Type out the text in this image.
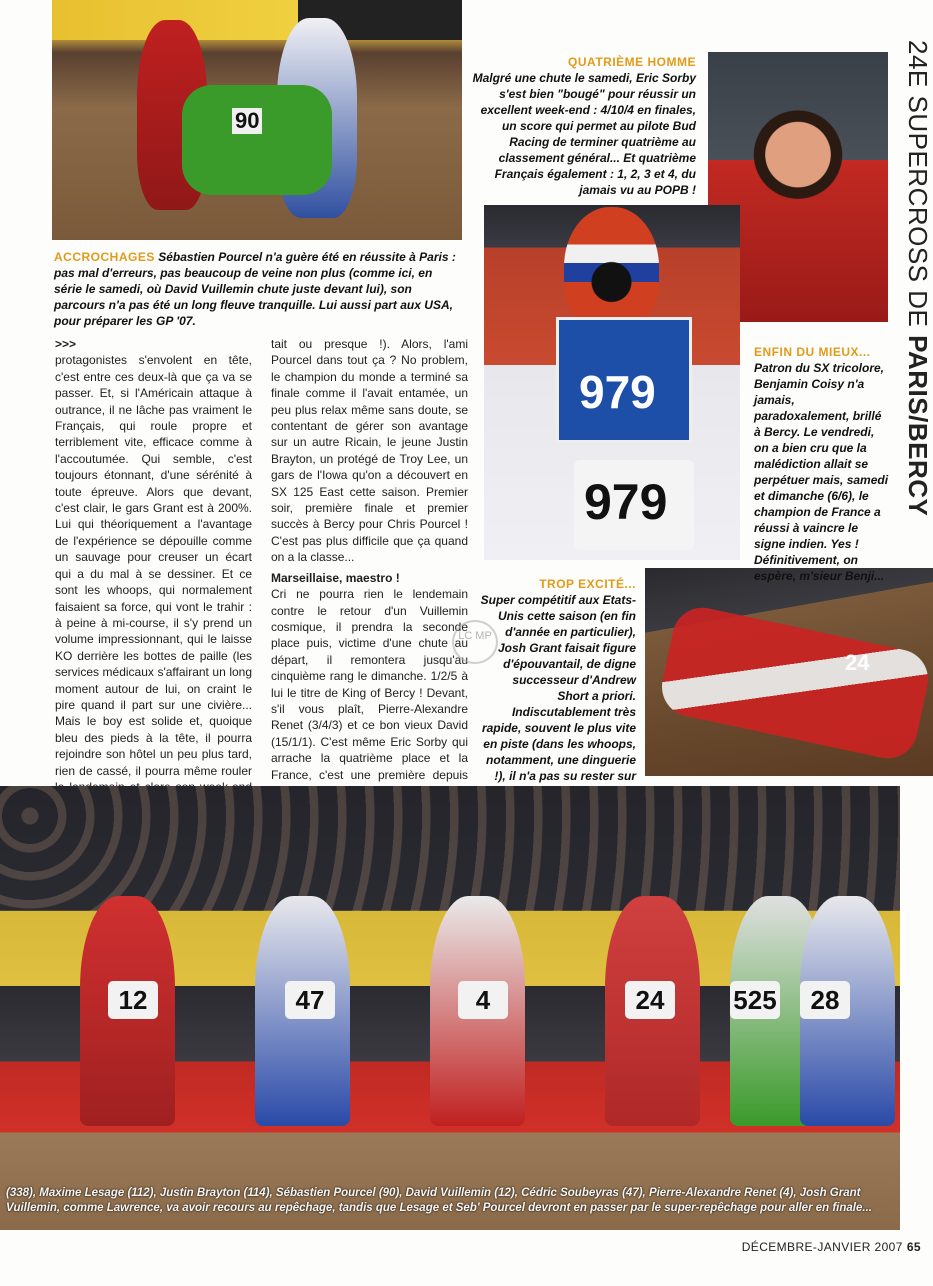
90	24E SUPERCROSS DE PARIS/BERCY
979
979
24
ACCROCHAGES Sébastien Pourcel n'a guère été en réussite à Paris : pas mal d'erreurs, pas beaucoup de veine non plus (comme ici, en série le samedi, où David Vuillemin chute juste devant lui), son parcours n'a pas été un long fleuve tranquille. Lui aussi part aux USA, pour préparer les GP '07.
QUATRIÈME HOMME
Malgré une chute le samedi, Eric Sorby s'est bien "bougé" pour réussir un excellent week-end : 4/10/4 en finales, un score qui permet au pilote Bud Racing de terminer quatrième au classement général... Et quatrième Français également : 1, 2, 3 et 4, du jamais vu au POPB !
ENFIN DU MIEUX...
Patron du SX tricolore, Benjamin Coisy n'a jamais, paradoxalement, brillé à Bercy. Le vendredi, on a bien cru que la malédiction allait se perpétuer mais, samedi et dimanche (6/6), le champion de France a réussi à vaincre le signe indien. Yes ! Définitivement, on espère, m'sieur Benji...
TROP EXCITÉ...
Super compétitif aux Etats-Unis cette saison (en fin d'année en particulier), Josh Grant faisait figure d'épouvantail, de digne successeur d'Andrew Short a priori. Indiscutablement très rapide, souvent le plus vite en piste (dans les whoops, notamment, une dinguerie !), il n'a pas su rester sur

>>>

protagonistes s'envolent en tête, c'est entre ces deux-là que ça va se passer. Et, si l'Américain attaque à outrance, il ne lâche pas vraiment le Français, qui roule propre et terriblement vite, efficace comme à l'accoutumée. Qui semble, c'est toujours étonnant, d'une sérénité à toute épreuve. Alors que devant, c'est clair, le gars Grant est à 200%. Lui qui théoriquement a l'avantage de l'expérience se dépouille comme un sauvage pour creuser un écart qui a du mal à se dessiner. Et ce sont les whoops, qui normalement faisaient sa force, qui vont le trahir : à peine à mi-course, il s'y prend un volume impressionnant, qui le laisse KO derrière les bottes de paille (les services médicaux s'affairant un long moment autour de lui, on craint le pire quand il part sur une civière... Mais le boy est solide et, quoique bleu des pieds à la tête, il pourra rejoindre son hôtel un peu plus tard, rien de cassé, il pourra même rouler

tait ou presque !). Alors, l'ami Pourcel dans tout ça ? No problem, le champion du monde a terminé sa finale comme il l'avait entamée, un peu plus relax même sans doute, se contentant de gérer son avantage sur un autre Ricain, le jeune Justin Brayton, un protégé de Troy Lee, un gars de l'Iowa qu'on a découvert en SX 125 East cette saison. Premier soir, première finale et premier succès à Bercy pour Chris Pourcel ! C'est pas plus difficile que ça quand on a la classe...

Marseillaise, maestro !

Cri ne pourra rien le lendemain contre le retour d'un Vuillemin cosmique, il prendra la seconde place puis, victime d'une chute au départ, il remontera jusqu'au cinquième rang le dimanche. 1/2/5 à lui le titre de King of Bercy ! Devant, s'il vous plaît, Pierre-Alexandre Renet (3/4/3) et ce bon vieux David (15/1/1). C'est même Eric Sorby qui arrache la quatrième place et la France, c'est une première depuis

LC MP
12	47	4	24	525	28
(338), Maxime Lesage (112), Justin Brayton (114), Sébastien Pourcel (90), David Vuillemin (12), Cédric Soubeyras (47), Pierre-Alexandre Renet (4), Josh Grant
Vuillemin, comme Lawrence, va avoir recours au repêchage, tandis que Lesage et Seb' Pourcel devront en passer par le super-repêchage pour aller en finale...
DÉCEMBRE-JANVIER 2007 65
